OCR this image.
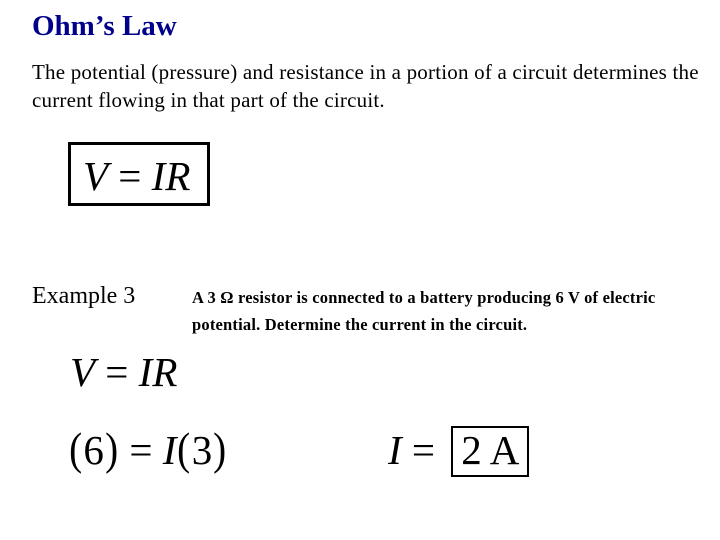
Ohm’s Law
The potential (pressure) and resistance in a portion of a circuit determines the current flowing in that part of the circuit.
V = IR
Example 3	A 3 Ω resistor is connected to a battery producing 6 V of electric potential. Determine the current in the circuit.
V = IR
(6) = I(3)	I = 2 A
